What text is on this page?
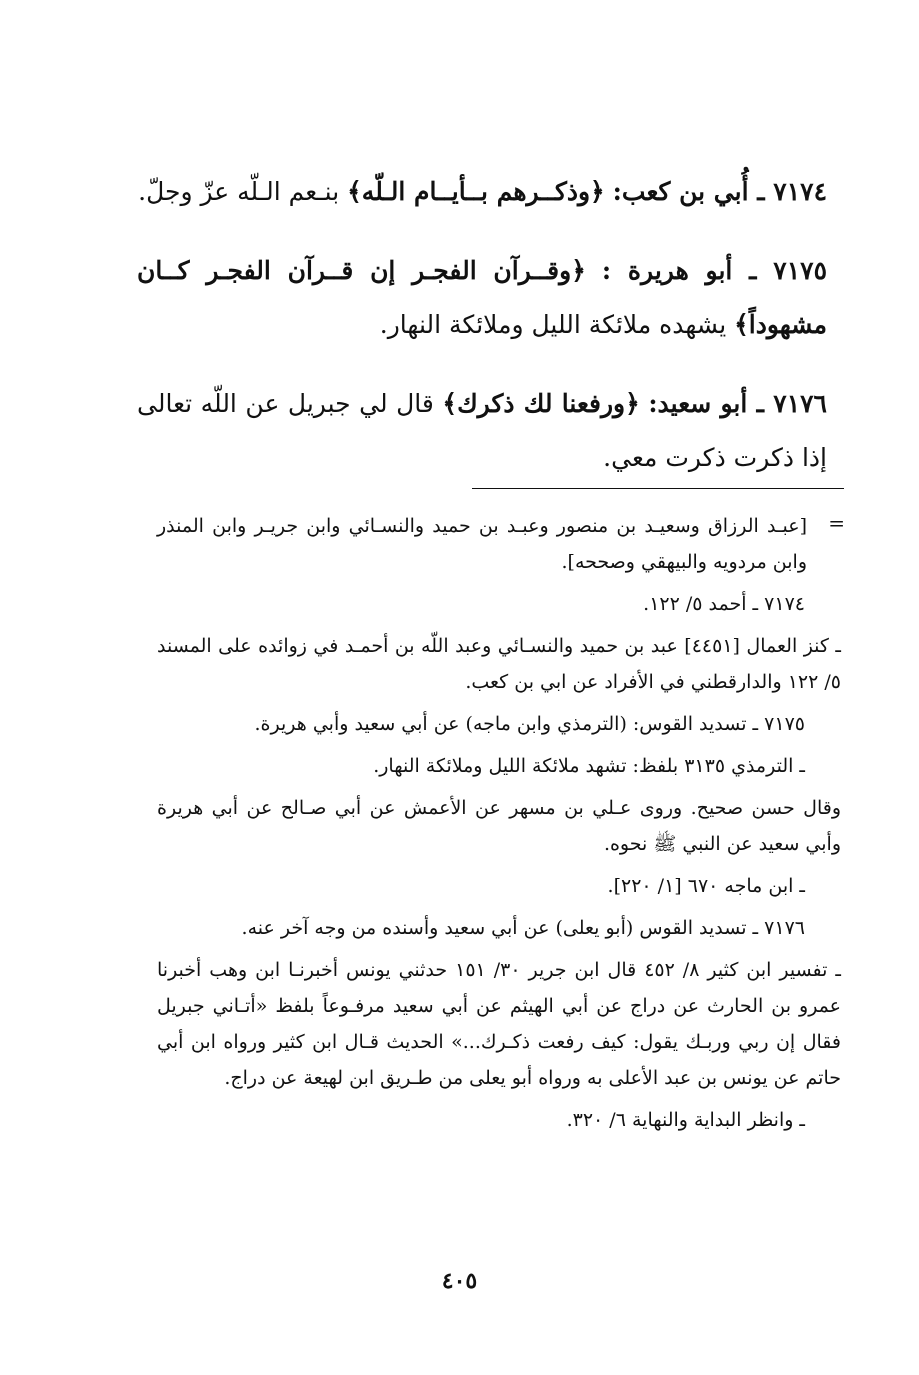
٧١٧٤ ـ أُبي بن كعب: ﴿وذكــرهم بــأيــام الـلّه﴾ بنـعم الـلّه عزّ وجلّ.

٧١٧٥ ـ أبو هريرة : ﴿وقــرآن الفجـر إن قــرآن الفجـر كــان مشهوداً﴾ يشهده ملائكة الليل وملائكة النهار.

٧١٧٦ ـ أبو سعيد: ﴿ورفعنا لك ذكرك﴾ قال لي جبريل عن اللّه تعالى إذا ذكرت ذكرت معي.

=

[عبـد الرزاق وسعيـد بن منصور وعبـد بن حميد والنسـائي وابن جريـر وابن المنذر وابن مردويه والبيهقي وصححه].

٧١٧٤ ـ أحمد ٥/ ١٢٢.

ـ كنز العمال [٤٤٥١] عبد بن حميد والنسـائي وعبد اللّه بن أحمـد في زوائده على المسند ٥/ ١٢٢ والدارقطني في الأفراد عن ابي بن كعب.

٧١٧٥ ـ تسديد القوس: (الترمذي وابن ماجه) عن أبي سعيد وأبي هريرة.

ـ الترمذي ٣١٣٥ بلفظ: تشهد ملائكة الليل وملائكة النهار.

وقال حسن صحيح. وروى عـلي بن مسهر عن الأعمش عن أبي صـالح عن أبي هريرة وأبي سعيد عن النبي ﷺ نحوه.

ـ ابن ماجه ٦٧٠ [١/ ٢٢٠].

٧١٧٦ ـ تسديد القوس (أبو يعلى) عن أبي سعيد وأسنده من وجه آخر عنه.

ـ تفسير ابن كثير ٨/ ٤٥٢ قال ابن جرير ٣٠/ ١٥١ حدثني يونس أخبرنـا ابن وهب أخبرنا عمرو بن الحارث عن دراج عن أبي الهيثم عن أبي سعيد مرفـوعاً بلفظ «أتـاني جبريل فقال إن ربي وربـك يقول: كيف رفعت ذكـرك...» الحديث قـال ابن كثير ورواه ابن أبي حاتم عن يونس بن عبد الأعلى به ورواه أبو يعلى من طـريق ابن لهيعة عن دراج.

ـ وانظر البداية والنهاية ٦/ ٣٢٠.

٤٠٥
